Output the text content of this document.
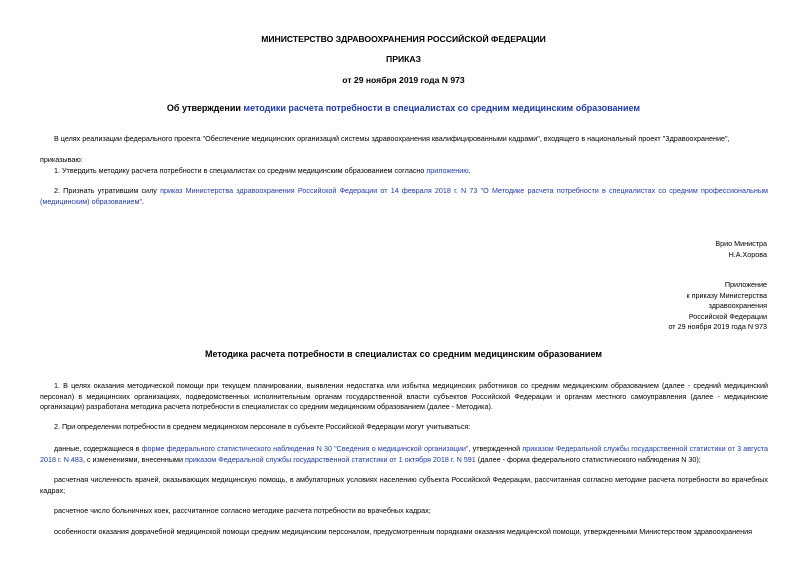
МИНИСТЕРСТВО ЗДРАВООХРАНЕНИЯ РОССИЙСКОЙ ФЕДЕРАЦИИ
ПРИКАЗ
от 29 ноября 2019 года N 973
Об утверждении методики расчета потребности в специалистах со средним медицинским образованием
В целях реализации федерального проекта "Обеспечение медицинских организаций системы здравоохранения квалифицированными кадрами", входящего в национальный проект "Здравоохранение",
приказываю:
1. Утвердить методику расчета потребности в специалистах со средним медицинским образованием согласно приложению.
2. Признать утратившим силу приказ Министерства здравоохранения Российской Федерации от 14 февраля 2018 г. N 73 "О Методике расчета потребности в специалистах со средним профессиональным (медицинским) образованием".
Врио Министра
Н.А.Хорова
Приложение
к приказу Министерства
здравоохранения
Российской Федерации
от 29 ноября 2019 года N 973
Методика расчета потребности в специалистах со средним медицинским образованием
1. В целях оказания методической помощи при текущем планировании, выявлении недостатка или избытка медицинских работников со средним медицинским образованием (далее - средний медицинский персонал) в медицинских организациях, подведомственных исполнительным органам государственной власти субъектов Российской Федерации и органам местного самоуправления (далее - медицинские организации) разработана методика расчета потребности в специалистах со средним медицинским образованием (далее - Методика).
2. При определении потребности в среднем медицинском персонале в субъекте Российской Федерации могут учитываться:
данные, содержащиеся в форме федерального статистического наблюдения N 30 "Сведения о медицинской организации", утвержденной приказом Федеральной службы государственной статистики от 3 августа 2018 г. N 483, с изменениями, внесенными приказом Федеральной службы государственной статистики от 1 октября 2018 г. N 591 (далее - форма федерального статистического наблюдения N 30);
расчетная численность врачей, оказывающих медицинскую помощь, в амбулаторных условиях населению субъекта Российской Федерации, рассчитанная согласно методике расчета потребности во врачебных кадрах;
расчетное число больничных коек, рассчитанное согласно методике расчета потребности во врачебных кадрах;
особенности оказания доврачебной медицинской помощи средним медицинским персоналом, предусмотренным порядками оказания медицинской помощи, утвержденными Министерством здравоохранения
